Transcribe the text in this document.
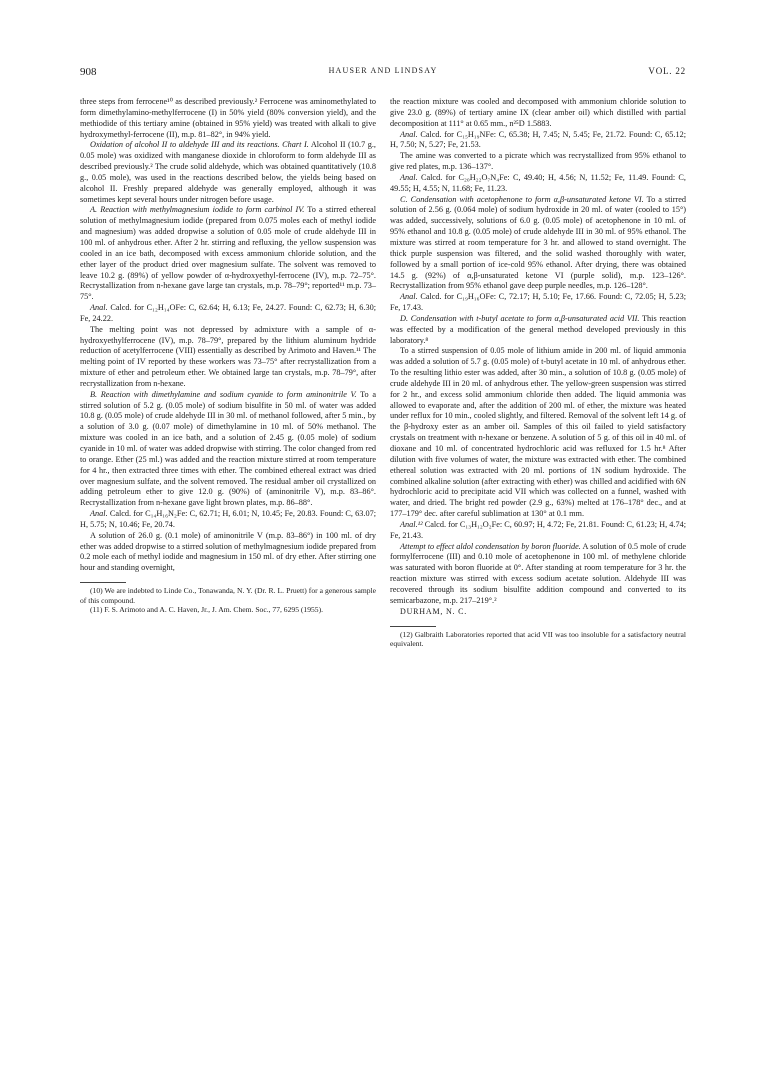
908	HAUSER AND LINDSAY	VOL. 22

three steps from ferrocene¹⁰ as described previously.² Ferrocene was aminomethylated to form dimethylamino-methylferrocene (I) in 50% yield (80% conversion yield), and the methiodide of this tertiary amine (obtained in 95% yield) was treated with alkali to give hydroxymethyl-ferrocene (II), m.p. 81–82°, in 94% yield.

Oxidation of alcohol II to aldehyde III and its reactions. Chart I. Alcohol II (10.7 g., 0.05 mole) was oxidized with manganese dioxide in chloroform to form aldehyde III as described previously.² The crude solid aldehyde, which was obtained quantitatively (10.8 g., 0.05 mole), was used in the reactions described below, the yields being based on alcohol II. Freshly prepared aldehyde was generally employed, although it was sometimes kept several hours under nitrogen before usage.

A. Reaction with methylmagnesium iodide to form carbinol IV. To a stirred ethereal solution of methylmagnesium iodide (prepared from 0.075 moles each of methyl iodide and magnesium) was added dropwise a solution of 0.05 mole of crude aldehyde III in 100 ml. of anhydrous ether. After 2 hr. stirring and refluxing, the yellow suspension was cooled in an ice bath, decomposed with excess ammonium chloride solution, and the ether layer of the product dried over magnesium sulfate. The solvent was removed to leave 10.2 g. (89%) of yellow powder of α-hydroxyethyl-ferrocene (IV), m.p. 72–75°. Recrystallization from n-hexane gave large tan crystals, m.p. 78–79°; reported¹¹ m.p. 73–75°.

Anal. Calcd. for C₁₂H₁₄OFe: C, 62.64; H, 6.13; Fe, 24.27. Found: C, 62.73; H, 6.30; Fe, 24.22.

The melting point was not depressed by admixture with a sample of α-hydroxyethylferrocene (IV), m.p. 78–79°, prepared by the lithium aluminum hydride reduction of acetylferrocene (VIII) essentially as described by Arimoto and Haven.¹¹ The melting point of IV reported by these workers was 73–75° after recrystallization from a mixture of ether and petroleum ether. We obtained large tan crystals, m.p. 78–79°, after recrystallization from n-hexane.

B. Reaction with dimethylamine and sodium cyanide to form aminonitrile V. To a stirred solution of 5.2 g. (0.05 mole) of sodium bisulfite in 50 ml. of water was added 10.8 g. (0.05 mole) of crude aldehyde III in 30 ml. of methanol followed, after 5 min., by a solution of 3.0 g. (0.07 mole) of dimethylamine in 10 ml. of 50% methanol. The mixture was cooled in an ice bath, and a solution of 2.45 g. (0.05 mole) of sodium cyanide in 10 ml. of water was added dropwise with stirring. The color changed from red to orange. Ether (25 ml.) was added and the reaction mixture stirred at room temperature for 4 hr., then extracted three times with ether. The combined ethereal extract was dried over magnesium sulfate, and the solvent removed. The residual amber oil crystallized on adding petroleum ether to give 12.0 g. (90%) of (aminonitrile V), m.p. 83–86°. Recrystallization from n-hexane gave light brown plates, m.p. 86–88°.

Anal. Calcd. for C₁₄H₁₆N₂Fe: C, 62.71; H, 6.01; N, 10.45; Fe, 20.83. Found: C, 63.07; H, 5.75; N, 10.46; Fe, 20.74.

A solution of 26.0 g. (0.1 mole) of aminonitrile V (m.p. 83–86°) in 100 ml. of dry ether was added dropwise to a stirred solution of methylmagnesium iodide prepared from 0.2 mole each of methyl iodide and magnesium in 150 ml. of dry ether. After stirring one hour and standing overnight,

(10) We are indebted to Linde Co., Tonawanda, N. Y. (Dr. R. L. Pruett) for a generous sample of this compound.

(11) F. S. Arimoto and A. C. Haven, Jr., J. Am. Chem. Soc., 77, 6295 (1955).

the reaction mixture was cooled and decomposed with ammonium chloride solution to give 23.0 g. (89%) of tertiary amine IX (clear amber oil) which distilled with partial decomposition at 111° at 0.65 mm., n²⁵D 1.5883.

Anal. Calcd. for C₁₅H₁₉NFe: C, 65.38; H, 7.45; N, 5.45; Fe, 21.72. Found: C, 65.12; H, 7.50; N, 5.27; Fe, 21.53.

The amine was converted to a picrate which was recrystallized from 95% ethanol to give red plates, m.p. 136–137°.

Anal. Calcd. for C₂₀H₂₂O₇N₄Fe: C, 49.40; H, 4.56; N, 11.52; Fe, 11.49. Found: C, 49.55; H, 4.55; N, 11.68; Fe, 11.23.

C. Condensation with acetophenone to form α,β-unsaturated ketone VI. To a stirred solution of 2.56 g. (0.064 mole) of sodium hydroxide in 20 ml. of water (cooled to 15°) was added, successively, solutions of 6.0 g. (0.05 mole) of acetophenone in 10 ml. of 95% ethanol and 10.8 g. (0.05 mole) of crude aldehyde III in 30 ml. of 95% ethanol. The mixture was stirred at room temperature for 3 hr. and allowed to stand overnight. The thick purple suspension was filtered, and the solid washed thoroughly with water, followed by a small portion of ice-cold 95% ethanol. After drying, there was obtained 14.5 g. (92%) of α,β-unsaturated ketone VI (purple solid), m.p. 123–126°. Recrystallization from 95% ethanol gave deep purple needles, m.p. 126–128°.

Anal. Calcd. for C₁₉H₁₆OFe: C, 72.17; H, 5.10; Fe, 17.66. Found: C, 72.05; H, 5.23; Fe, 17.43.

D. Condensation with t-butyl acetate to form α,β-unsaturated acid VII. This reaction was effected by a modification of the general method developed previously in this laboratory.⁸

To a stirred suspension of 0.05 mole of lithium amide in 200 ml. of liquid ammonia was added a solution of 5.7 g. (0.05 mole) of t-butyl acetate in 10 ml. of anhydrous ether. To the resulting lithio ester was added, after 30 min., a solution of 10.8 g. (0.05 mole) of crude aldehyde III in 20 ml. of anhydrous ether. The yellow-green suspension was stirred for 2 hr., and excess solid ammonium chloride then added. The liquid ammonia was allowed to evaporate and, after the addition of 200 ml. of ether, the mixture was heated under reflux for 10 min., cooled slightly, and filtered. Removal of the solvent left 14 g. of the β-hydroxy ester as an amber oil. Samples of this oil failed to yield satisfactory crystals on treatment with n-hexane or benzene. A solution of 5 g. of this oil in 40 ml. of dioxane and 10 ml. of concentrated hydrochloric acid was refluxed for 1.5 hr.⁸ After dilution with five volumes of water, the mixture was extracted with ether. The combined ethereal solution was extracted with 20 ml. portions of 1N sodium hydroxide. The combined alkaline solution (after extracting with ether) was chilled and acidified with 6N hydrochloric acid to precipitate acid VII which was collected on a funnel, washed with water, and dried. The bright red powder (2.9 g., 63%) melted at 176–178° dec., and at 177–179° dec. after careful sublimation at 130° at 0.1 mm.

Anal.¹² Calcd. for C₁₃H₁₂O₂Fe: C, 60.97; H, 4.72; Fe, 21.81. Found: C, 61.23; H, 4.74; Fe, 21.43.

Attempt to effect aldol condensation by boron fluoride. A solution of 0.5 mole of crude formylferrocene (III) and 0.10 mole of acetophenone in 100 ml. of methylene chloride was saturated with boron fluoride at 0°. After standing at room temperature for 3 hr. the reaction mixture was stirred with excess sodium acetate solution. Aldehyde III was recovered through its sodium bisulfite addition compound and converted to its semicarbazone, m.p. 217–219°.²

DURHAM, N. C.

(12) Galbraith Laboratories reported that acid VII was too insoluble for a satisfactory neutral equivalent.
